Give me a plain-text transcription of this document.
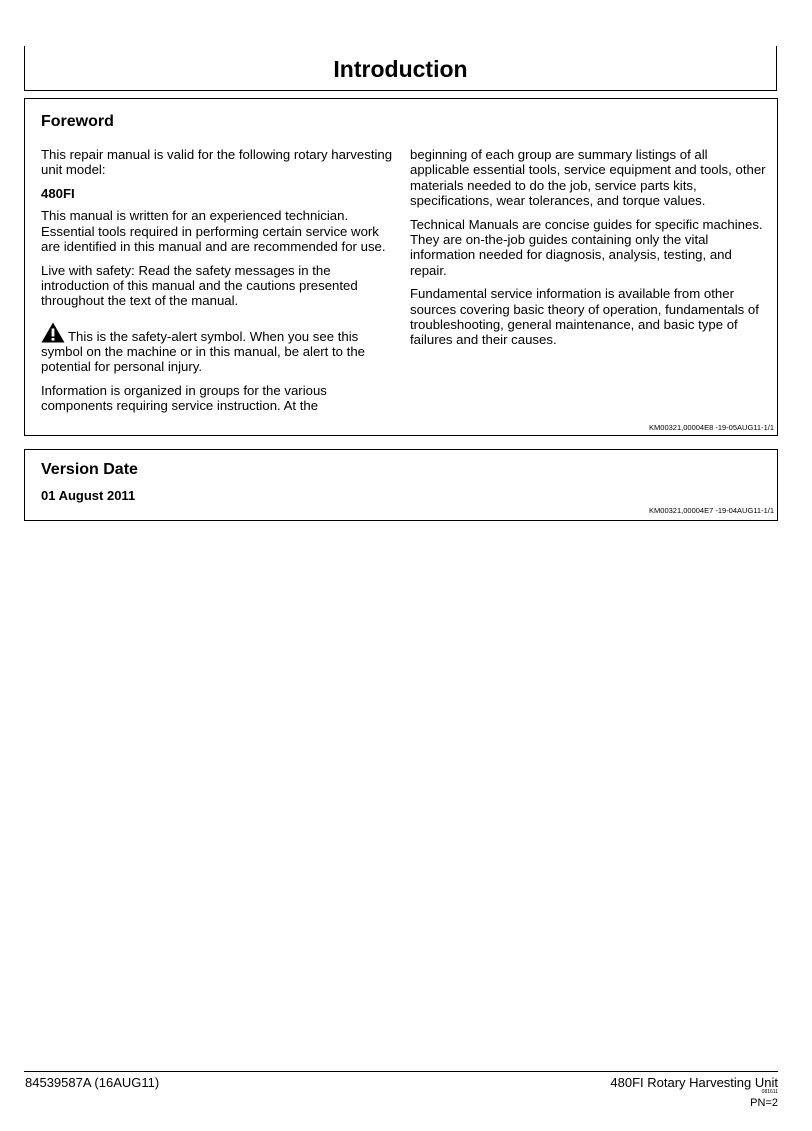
Introduction
Foreword

This repair manual is valid for the following rotary harvesting unit model:

480FI

This manual is written for an experienced technician. Essential tools required in performing certain service work are identified in this manual and are recommended for use.

Live with safety: Read the safety messages in the introduction of this manual and the cautions presented throughout the text of the manual.

This is the safety-alert symbol. When you see this symbol on the machine or in this manual, be alert to the potential for personal injury.

Information is organized in groups for the various components requiring service instruction. At the

beginning of each group are summary listings of all applicable essential tools, service equipment and tools, other materials needed to do the job, service parts kits, specifications, wear tolerances, and torque values.

Technical Manuals are concise guides for specific machines. They are on-the-job guides containing only the vital information needed for diagnosis, analysis, testing, and repair.

Fundamental service information is available from other sources covering basic theory of operation, fundamentals of troubleshooting, general maintenance, and basic type of failures and their causes.

KM00321,00004E8 -19-05AUG11-1/1
Version Date
01 August 2011
KM00321,00004E7 -19-04AUG11-1/1
84539587A (16AUG11)	480FI Rotary Harvesting Unit
081611
PN=2
